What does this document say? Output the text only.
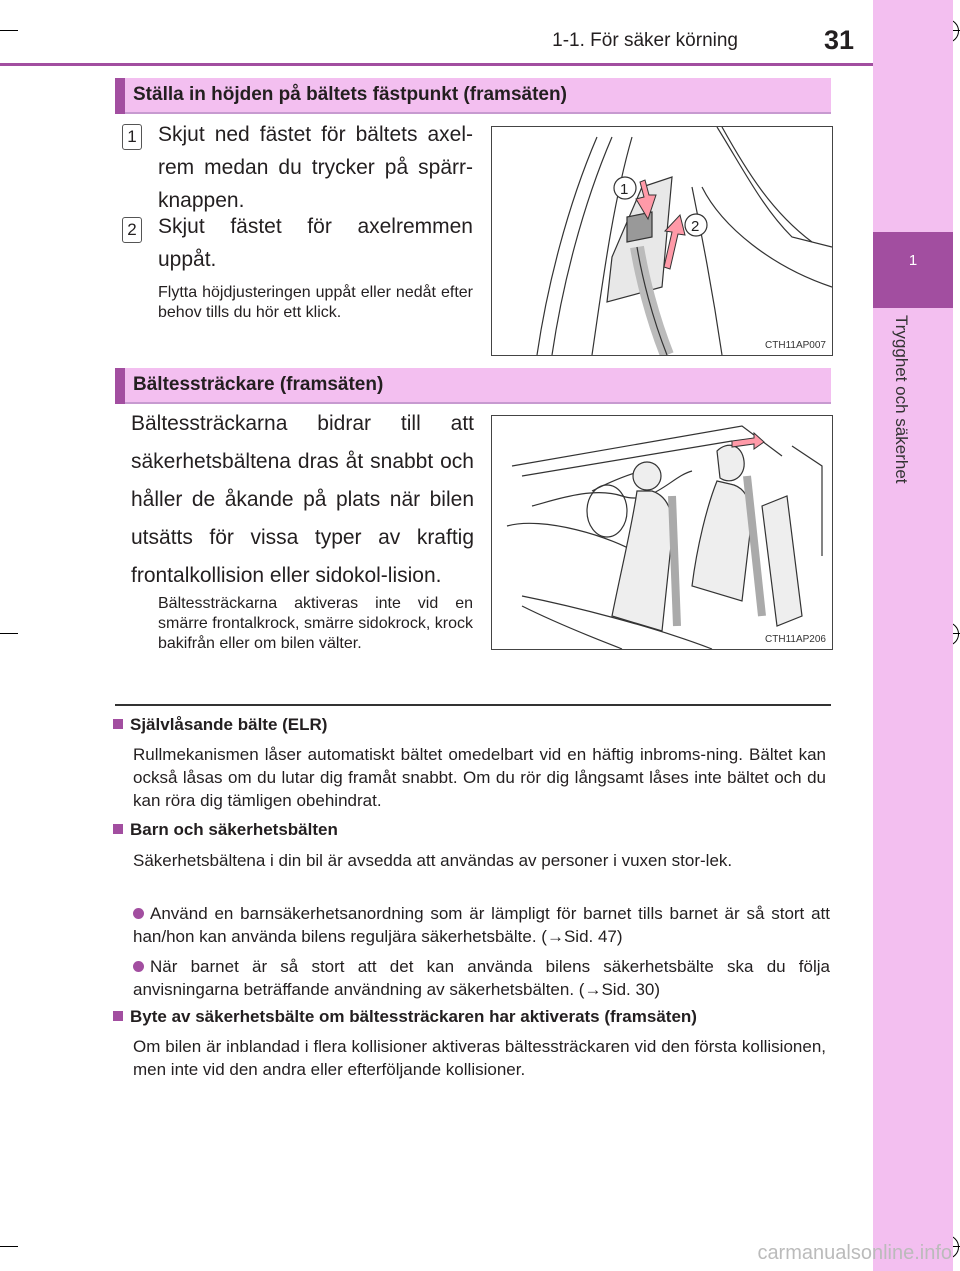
1
Trygghet och säkerhet
1-1. För säker körning	31
Ställa in höjden på bältets fästpunkt (framsäten)
1 Skjut ned fästet för bältets axel-rem medan du trycker på spärr-knappen.
2 Skjut fästet för axelremmen uppåt.
Flytta höjdjusteringen uppåt eller nedåt efter behov tills du hör ett klick.
1
2
CTH11AP007
Bältessträckare (framsäten)
Bältessträckarna bidrar till att säkerhetsbältena dras åt snabbt och håller de åkande på plats när bilen utsätts för vissa typer av kraftig frontalkollision eller sidokol-lision.
Bältessträckarna aktiveras inte vid en smärre frontalkrock, smärre sidokrock, krock bakifrån eller om bilen välter.	CTH11AP206
Självlåsande bälte (ELR)
Rullmekanismen låser automatiskt bältet omedelbart vid en häftig inbroms-ning. Bältet kan också låsas om du lutar dig framåt snabbt. Om du rör dig långsamt låses inte bältet och du kan röra dig tämligen obehindrat.
Barn och säkerhetsbälten
Säkerhetsbältena i din bil är avsedda att användas av personer i vuxen stor-lek.
Använd en barnsäkerhetsanordning som är lämpligt för barnet tills barnet är så stort att han/hon kan använda bilens reguljära säkerhetsbälte. (→Sid. 47)
När barnet är så stort att det kan använda bilens säkerhetsbälte ska du följa anvisningarna beträffande användning av säkerhetsbälten. (→Sid. 30)
Byte av säkerhetsbälte om bältessträckaren har aktiverats (framsäten)
Om bilen är inblandad i flera kollisioner aktiveras bältessträckaren vid den första kollisionen, men inte vid den andra eller efterföljande kollisioner.
carmanualsonline.info
